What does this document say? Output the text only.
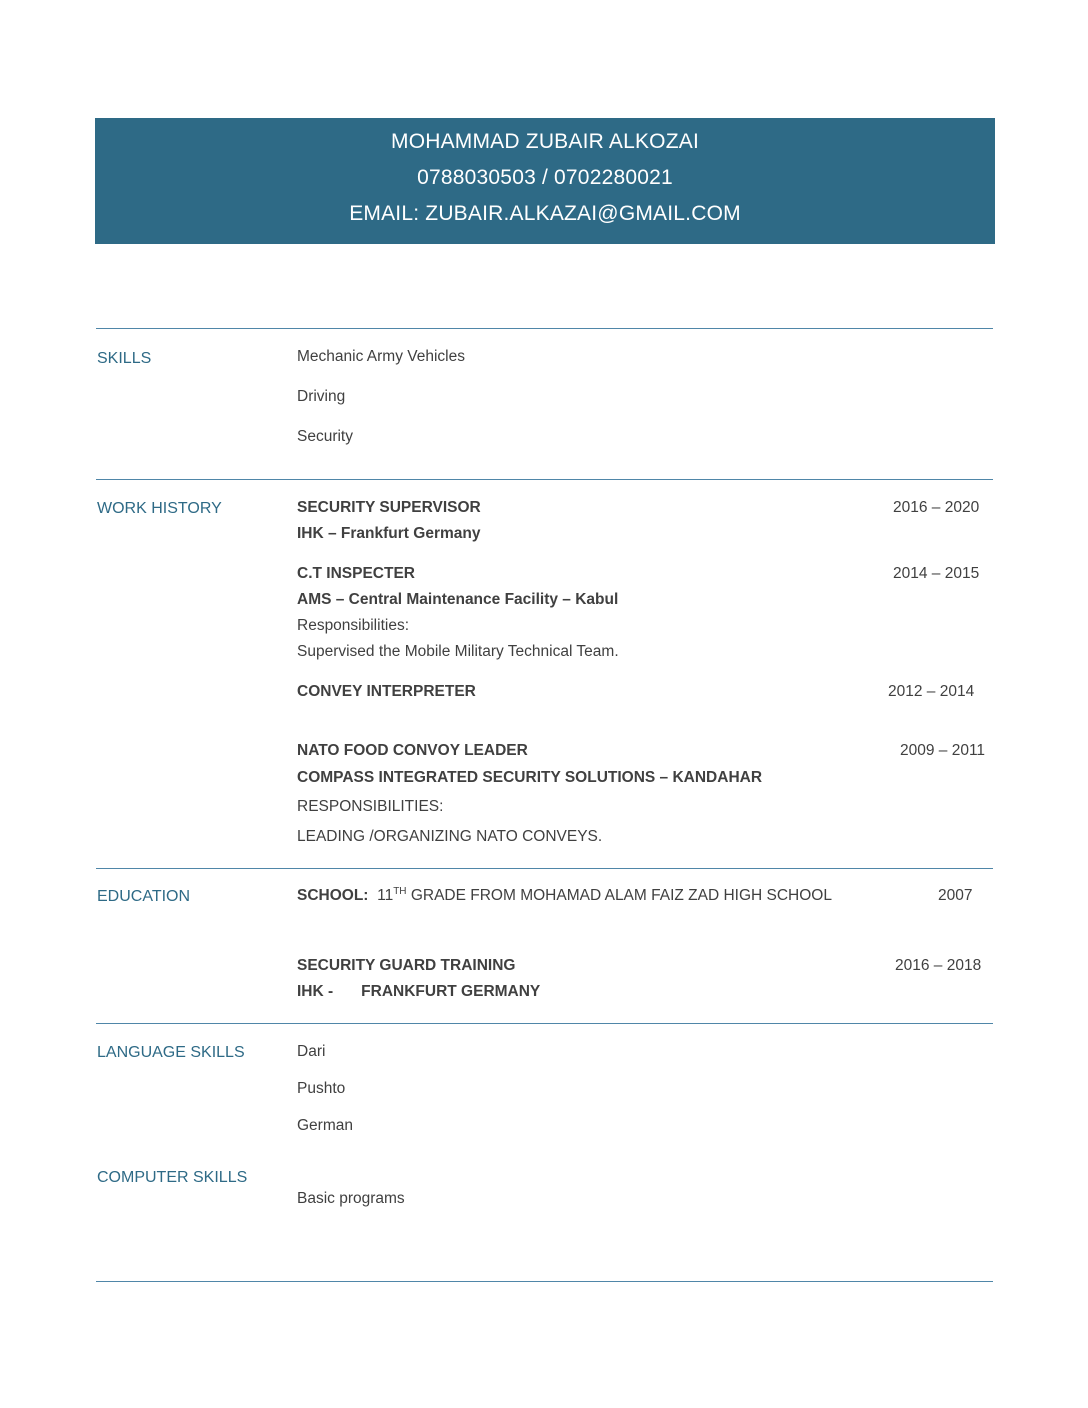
MOHAMMAD ZUBAIR ALKOZAI
0788030503 / 0702280021
EMAIL: ZUBAIR.ALKAZAI@GMAIL.COM
SKILLS	Mechanic Army Vehicles
Driving
Security
WORK HISTORY	SECURITY SUPERVISOR	2016 – 2020
IHK – Frankfurt Germany
C.T INSPECTER	2014 – 2015
AMS – Central Maintenance Facility – Kabul
Responsibilities:
Supervised the Mobile Military Technical Team.
CONVEY INTERPRETER	2012 – 2014
NATO FOOD CONVOY LEADER	2009 – 2011
COMPASS INTEGRATED SECURITY SOLUTIONS – KANDAHAR
RESPONSIBILITIES:
LEADING /ORGANIZING NATO CONVEYS.
EDUCATION	SCHOOL: 11TH GRADE FROM MOHAMAD ALAM FAIZ ZAD HIGH SCHOOL	2007
SECURITY GUARD TRAINING	2016 – 2018
IHK - FRANKFURT GERMANY
LANGUAGE SKILLS	Dari
Pushto
German
COMPUTER SKILLS
Basic programs
